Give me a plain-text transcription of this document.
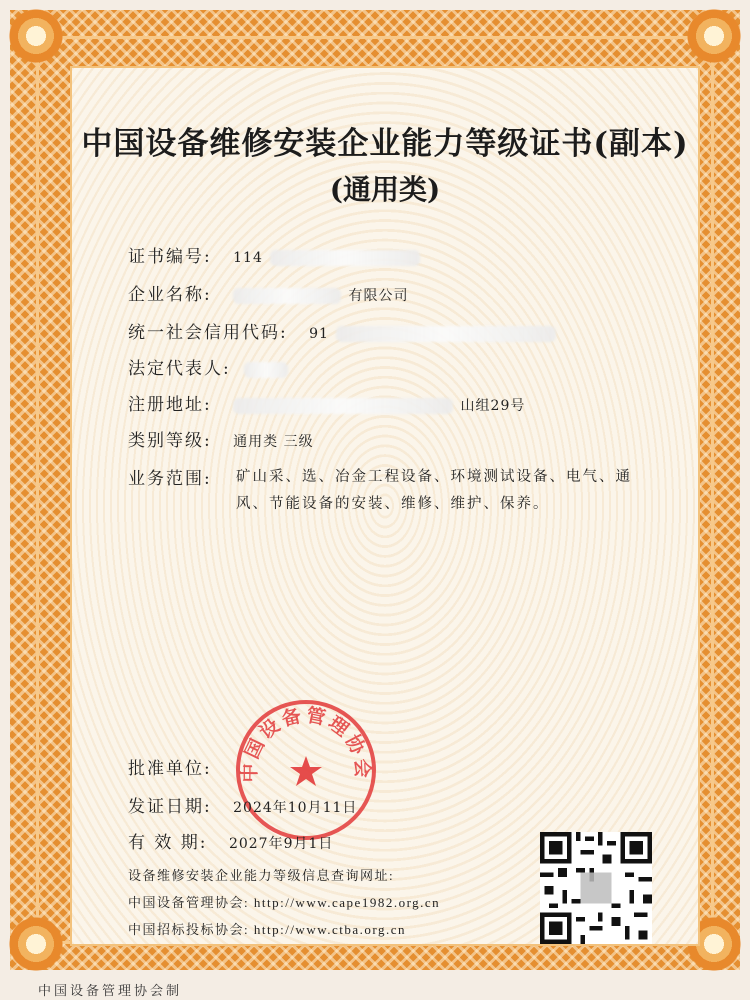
中国设备维修安装企业能力等级证书(副本)
(通用类)
证书编号: 114
企业名称:	有限公司
统一社会信用代码: 91
法定代表人:
注册地址:	山组29号
类别等级: 通用类 三级
业务范围: 矿山采、选、冶金工程设备、环境测试设备、电气、通风、节能设备的安装、维修、维护、保养。
中国设备管理协会
批准单位:
发证日期: 2024年10月11日
有 效 期: 2027年9月1日
设备维修安装企业能力等级信息查询网址:
中国设备管理协会: http://www.cape1982.org.cn
中国招标投标协会: http://www.ctba.org.cn
中国设备管理协会制
